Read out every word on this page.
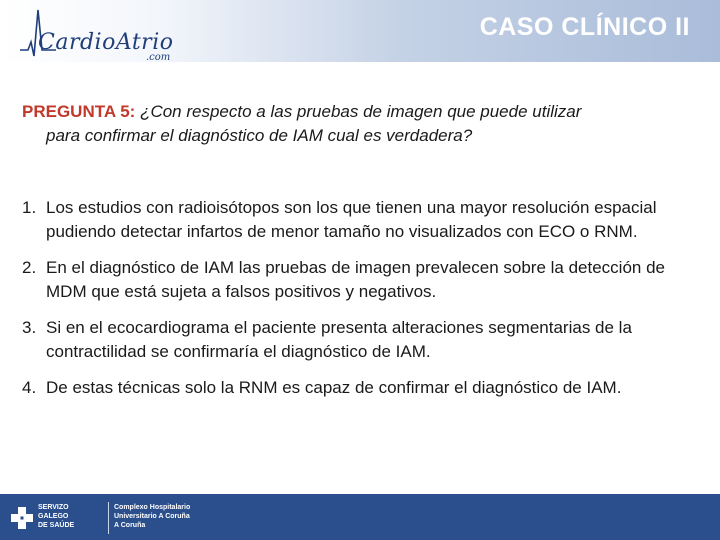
CardioAtrio
.com
CASO CLÍNICO II
PREGUNTA 5: ¿Con respecto a las pruebas de imagen que puede utilizar
para confirmar el diagnóstico de IAM cual es verdadera?
1. Los estudios con radioisótopos son los que tienen una mayor resolución espacial pudiendo detectar infartos de menor tamaño no visualizados con ECO o RNM.
2. En el diagnóstico de IAM las pruebas de imagen prevalecen sobre la detección de MDM que está sujeta a falsos positivos y negativos.
3. Si en el ecocardiograma el paciente presenta alteraciones segmentarias de la contractilidad se confirmaría el diagnóstico de IAM.
4. De estas técnicas solo la RNM es capaz de confirmar el diagnóstico de IAM.
SERVIZO
GALEGO
DE SAÚDE
Complexo Hospitalario
Universitario A Coruña
A Coruña
